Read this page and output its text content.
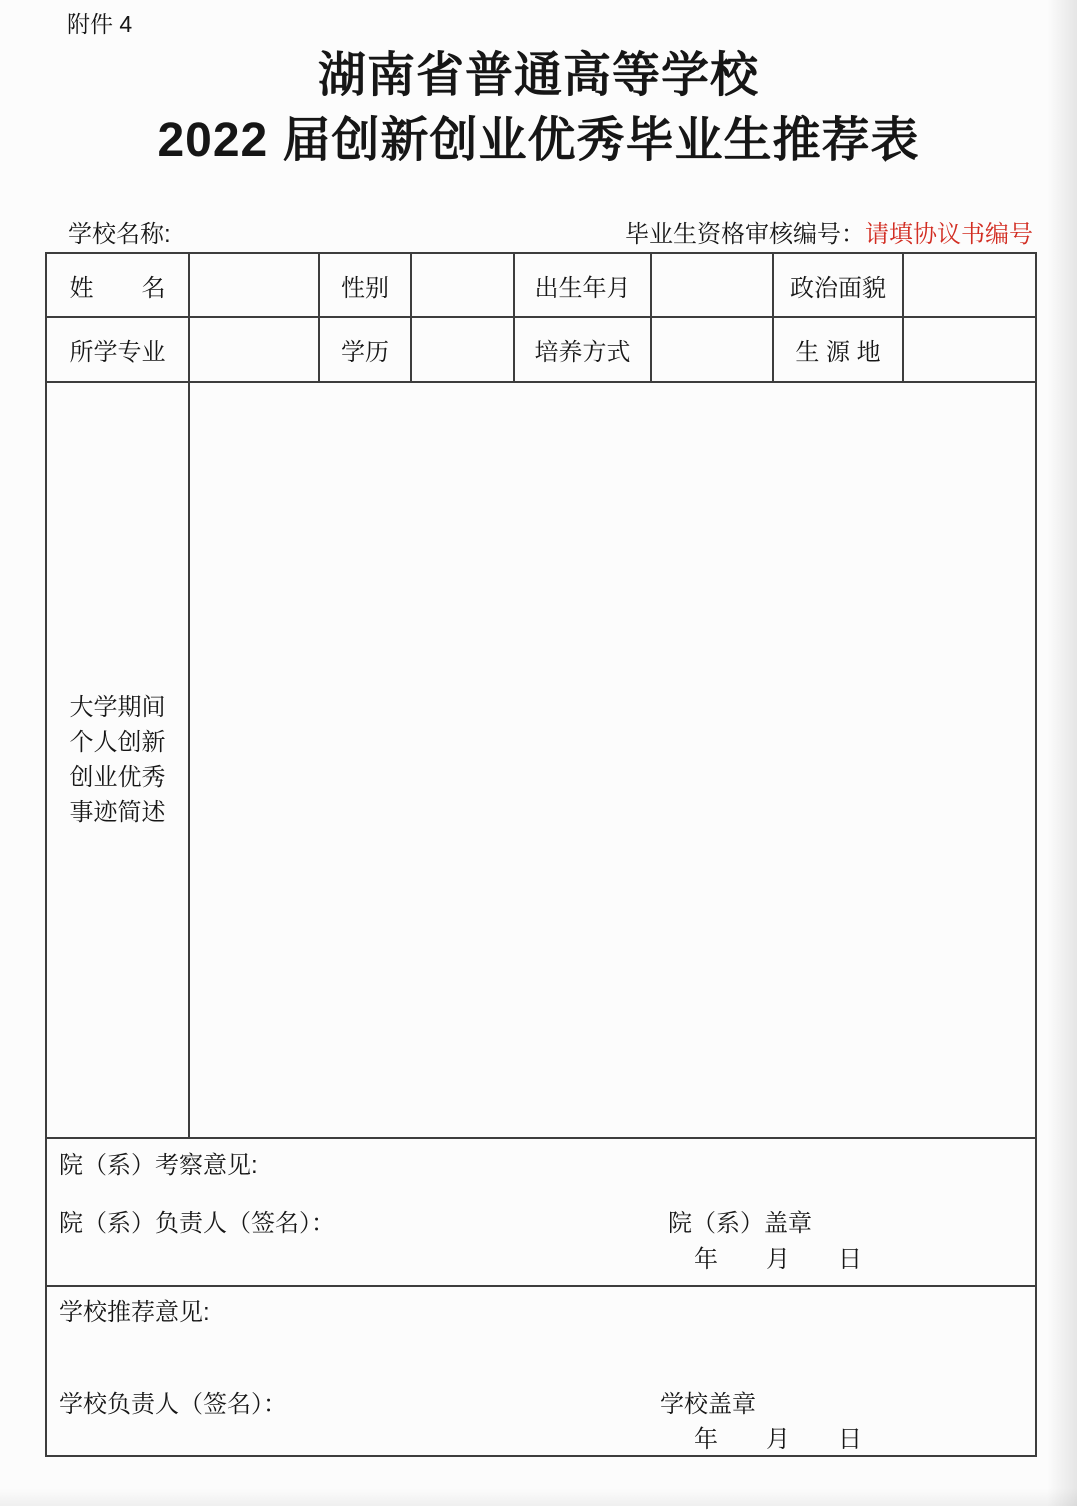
附件 4
湖南省普通高等学校
2022 届创新创业优秀毕业生推荐表
学校名称:	毕业生资格审核编号：请填协议书编号
姓　　名		性别		出生年月		政治面貌	
所学专业		学历		培养方式		生 源 地	

大学期间
个人创新
创业优秀
事迹简述							

院（系）考察意见:
院（系）负责人（签名）： 院（系）盖章
年　　月　　日							

学校推荐意见:
学校负责人（签名）： 学校盖章
年　　月　　日							
